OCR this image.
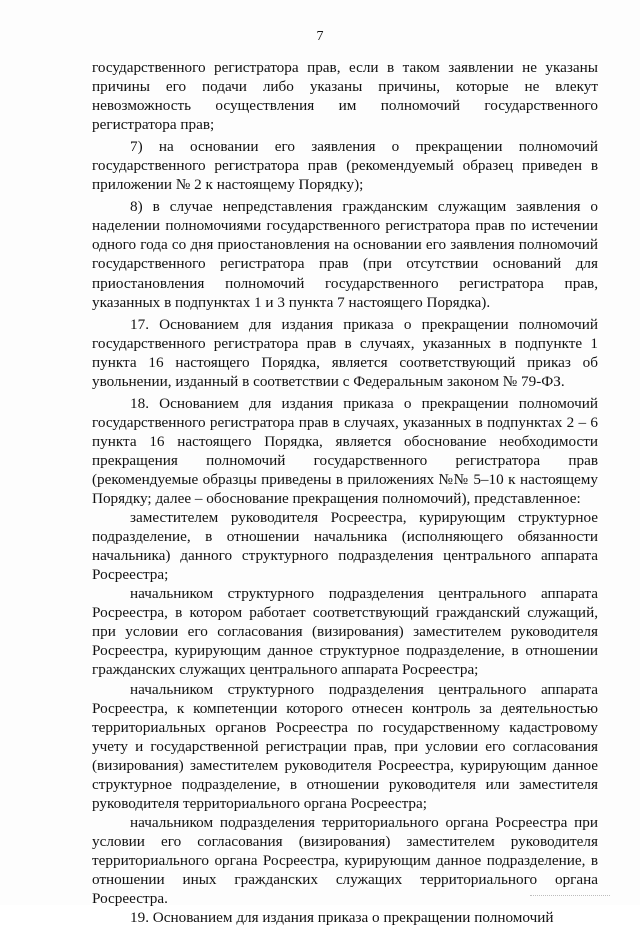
7

государственного регистратора прав, если в таком заявлении не указаны причины его подачи либо указаны причины, которые не влекут невозможность осуществления им полномочий государственного регистратора прав;

7) на основании его заявления о прекращении полномочий государственного регистратора прав (рекомендуемый образец приведен в приложении № 2 к настоящему Порядку);

8) в случае непредставления гражданским служащим заявления о наделении полномочиями государственного регистратора прав по истечении одного года со дня приостановления на основании его заявления полномочий государственного регистратора прав (при отсутствии оснований для приостановления полномочий государственного регистратора прав, указанных в подпунктах 1 и 3 пункта 7 настоящего Порядка).

17. Основанием для издания приказа о прекращении полномочий государственного регистратора прав в случаях, указанных в подпункте 1 пункта 16 настоящего Порядка, является соответствующий приказ об увольнении, изданный в соответствии с Федеральным законом № 79-ФЗ.

18. Основанием для издания приказа о прекращении полномочий государственного регистратора прав в случаях, указанных в подпунктах 2 – 6 пункта 16 настоящего Порядка, является обоснование необходимости прекращения полномочий государственного регистратора прав (рекомендуемые образцы приведены в приложениях №№ 5–10 к настоящему Порядку; далее – обоснование прекращения полномочий), представленное:

заместителем руководителя Росреестра, курирующим структурное подразделение, в отношении начальника (исполняющего обязанности начальника) данного структурного подразделения центрального аппарата Росреестра;

начальником структурного подразделения центрального аппарата Росреестра, в котором работает соответствующий гражданский служащий, при условии его согласования (визирования) заместителем руководителя Росреестра, курирующим данное структурное подразделение, в отношении гражданских служащих центрального аппарата Росреестра;

начальником структурного подразделения центрального аппарата Росреестра, к компетенции которого отнесен контроль за деятельностью территориальных органов Росреестра по государственному кадастровому учету и государственной регистрации прав, при условии его согласования (визирования) заместителем руководителя Росреестра, курирующим данное структурное подразделение, в отношении руководителя или заместителя руководителя территориального органа Росреестра;

начальником подразделения территориального органа Росреестра при условии его согласования (визирования) заместителем руководителя территориального органа Росреестра, курирующим данное подразделение, в отношении иных гражданских служащих территориального органа Росреестра.

19. Основанием для издания приказа о прекращении полномочий
